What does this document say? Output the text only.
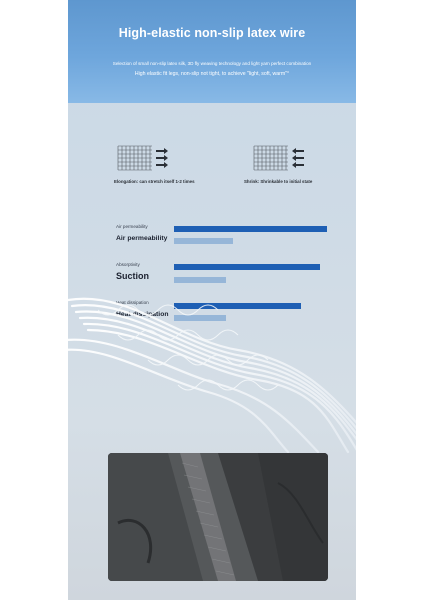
High-elastic non-slip latex wire
Selection of small non-slip latex silk, 3D fly weaving technology and light yarn perfect combination
High elastic fit legs, non-slip not tight, to achieve "light, soft, warm"°
Elongation: can stretch itself 1-2 times	Shrink: Shrinkable to initial state
Air permeability
Air permeability
Absorptivity
Suction
Heat dissipation
Heat dissipation
